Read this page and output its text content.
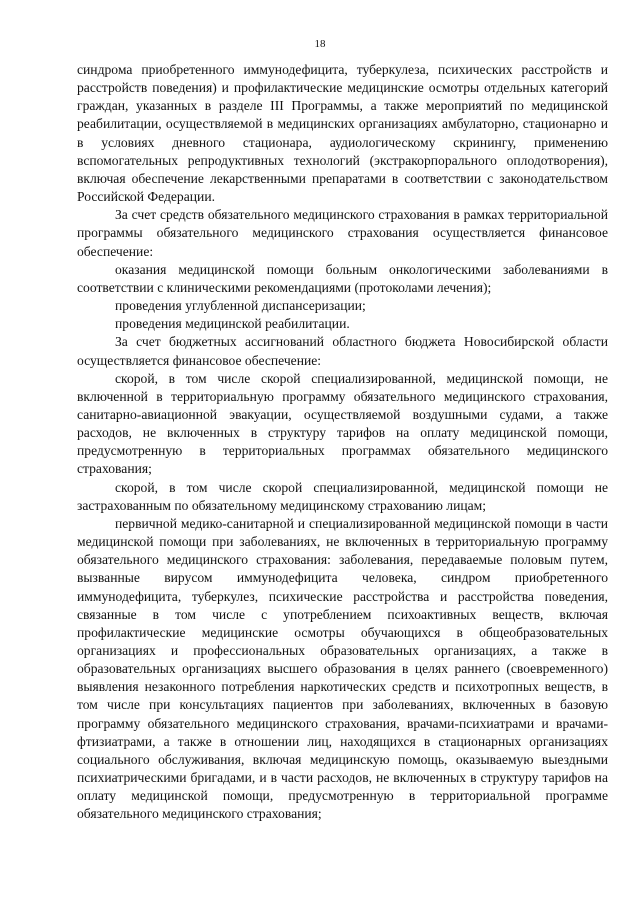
18

синдрома приобретенного иммунодефицита, туберкулеза, психических расстройств и расстройств поведения) и профилактические медицинские осмотры отдельных категорий граждан, указанных в разделе III Программы, а также мероприятий по медицинской реабилитации, осуществляемой в медицинских организациях амбулаторно, стационарно и в условиях дневного стационара, аудиологическому скринингу, применению вспомогательных репродуктивных технологий (экстракорпорального оплодотворения), включая обеспечение лекарственными препаратами в соответствии с законодательством Российской Федерации.

За счет средств обязательного медицинского страхования в рамках территориальной программы обязательного медицинского страхования осуществляется финансовое обеспечение:

оказания медицинской помощи больным онкологическими заболеваниями в соответствии с клиническими рекомендациями (протоколами лечения);

проведения углубленной диспансеризации;

проведения медицинской реабилитации.

За счет бюджетных ассигнований областного бюджета Новосибирской области осуществляется финансовое обеспечение:

скорой, в том числе скорой специализированной, медицинской помощи, не включенной в территориальную программу обязательного медицинского страхования, санитарно-авиационной эвакуации, осуществляемой воздушными судами, а также расходов, не включенных в структуру тарифов на оплату медицинской помощи, предусмотренную в территориальных программах обязательного медицинского страхования;

скорой, в том числе скорой специализированной, медицинской помощи не застрахованным по обязательному медицинскому страхованию лицам;

первичной медико-санитарной и специализированной медицинской помощи в части медицинской помощи при заболеваниях, не включенных в территориальную программу обязательного медицинского страхования: заболевания, передаваемые половым путем, вызванные вирусом иммунодефицита человека, синдром приобретенного иммунодефицита, туберкулез, психические расстройства и расстройства поведения, связанные в том числе с употреблением психоактивных веществ, включая профилактические медицинские осмотры обучающихся в общеобразовательных организациях и профессиональных образовательных организациях, а также в образовательных организациях высшего образования в целях раннего (своевременного) выявления незаконного потребления наркотических средств и психотропных веществ, в том числе при консультациях пациентов при заболеваниях, включенных в базовую программу обязательного медицинского страхования, врачами-психиатрами и врачами-фтизиатрами, а также в отношении лиц, находящихся в стационарных организациях социального обслуживания, включая медицинскую помощь, оказываемую выездными психиатрическими бригадами, и в части расходов, не включенных в структуру тарифов на оплату медицинской помощи, предусмотренную в территориальной программе обязательного медицинского страхования;
